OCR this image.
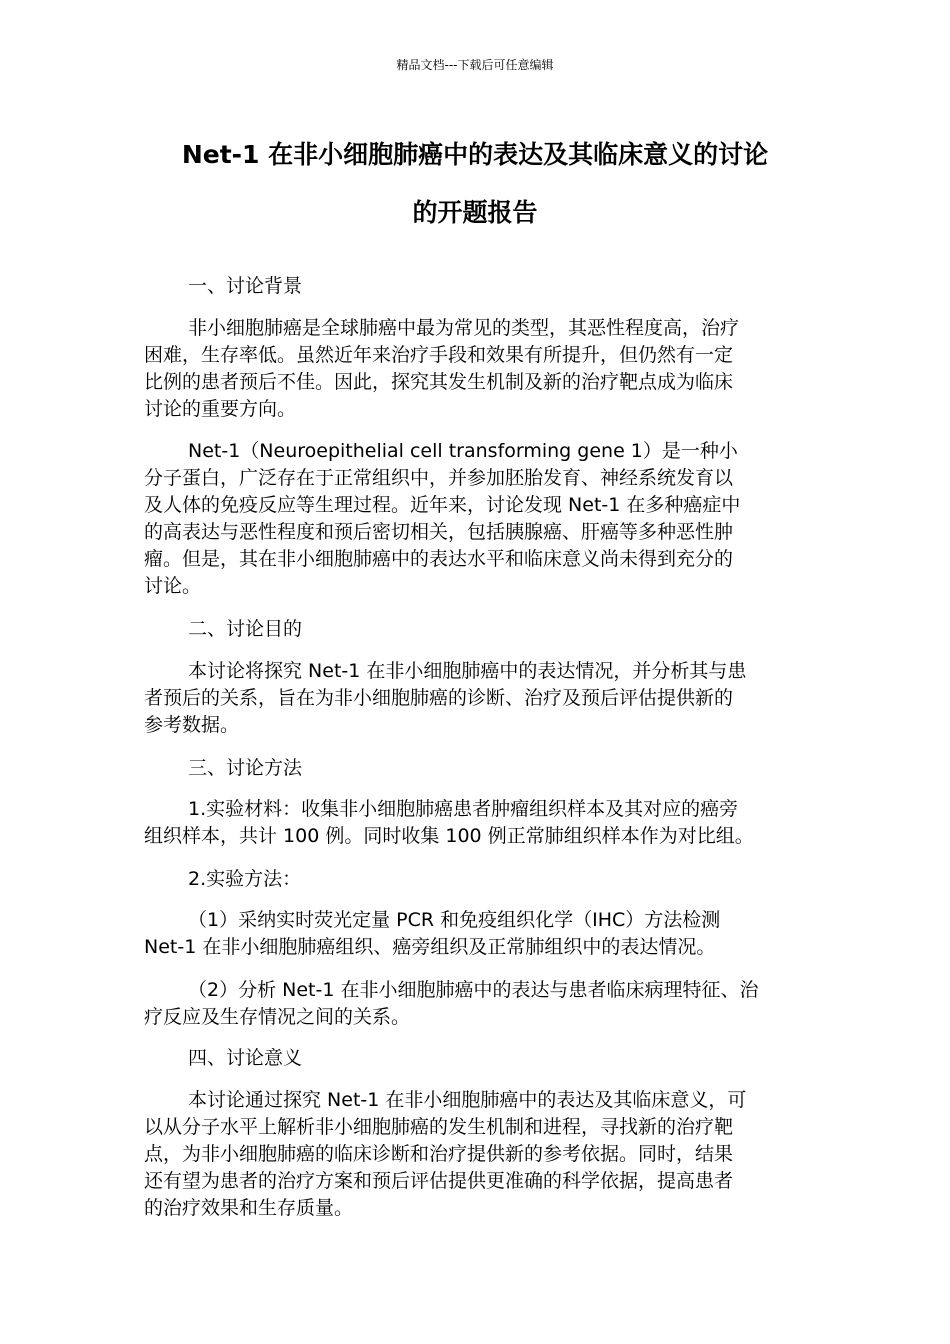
精品文档---下载后可任意编辑
Net-1 在非小细胞肺癌中的表达及其临床意义的讨论
的开题报告
一、讨论背景
非小细胞肺癌是全球肺癌中最为常见的类型，其恶性程度高，治疗
困难，生存率低。虽然近年来治疗手段和效果有所提升，但仍然有一定
比例的患者预后不佳。因此，探究其发生机制及新的治疗靶点成为临床
讨论的重要方向。
Net-1（Neuroepithelial cell transforming gene 1）是一种小
分子蛋白，广泛存在于正常组织中，并参加胚胎发育、神经系统发育以
及人体的免疫反应等生理过程。近年来，讨论发现 Net-1 在多种癌症中
的高表达与恶性程度和预后密切相关，包括胰腺癌、肝癌等多种恶性肿
瘤。但是，其在非小细胞肺癌中的表达水平和临床意义尚未得到充分的
讨论。
二、讨论目的
本讨论将探究 Net-1 在非小细胞肺癌中的表达情况，并分析其与患
者预后的关系，旨在为非小细胞肺癌的诊断、治疗及预后评估提供新的
参考数据。
三、讨论方法
1.实验材料：收集非小细胞肺癌患者肿瘤组织样本及其对应的癌旁
组织样本，共计 100 例。同时收集 100 例正常肺组织样本作为对比组。
2.实验方法：
（1）采纳实时荧光定量 PCR 和免疫组织化学（IHC）方法检测
Net-1 在非小细胞肺癌组织、癌旁组织及正常肺组织中的表达情况。
（2）分析 Net-1 在非小细胞肺癌中的表达与患者临床病理特征、治
疗反应及生存情况之间的关系。
四、讨论意义
本讨论通过探究 Net-1 在非小细胞肺癌中的表达及其临床意义，可
以从分子水平上解析非小细胞肺癌的发生机制和进程，寻找新的治疗靶
点，为非小细胞肺癌的临床诊断和治疗提供新的参考依据。同时，结果
还有望为患者的治疗方案和预后评估提供更准确的科学依据，提高患者
的治疗效果和生存质量。
